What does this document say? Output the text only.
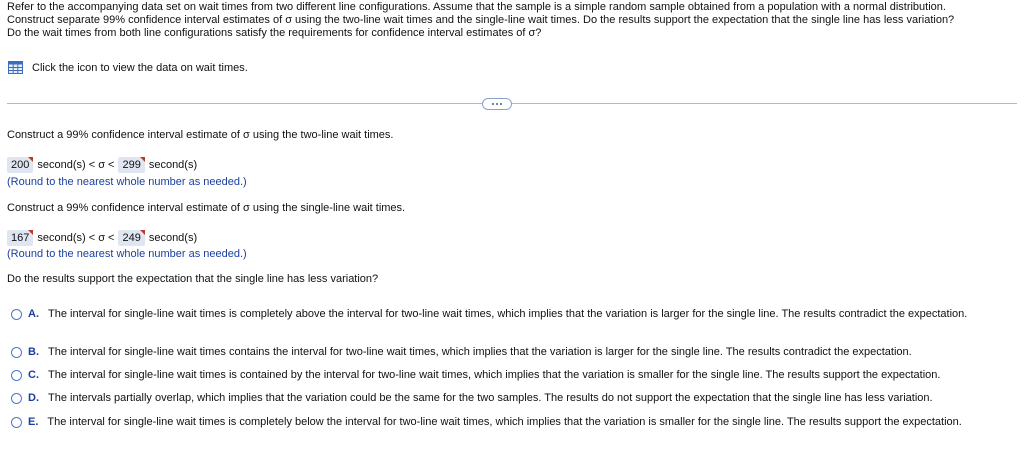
Refer to the accompanying data set on wait times from two different line configurations. Assume that the sample is a simple random sample obtained from a population with a normal distribution.
Construct separate 99% confidence interval estimates of σ using the two-line wait times and the single-line wait times. Do the results support the expectation that the single line has less variation?
Do the wait times from both line configurations satisfy the requirements for confidence interval estimates of σ?
Click the icon to view the data on wait times.
Construct a 99% confidence interval estimate of σ using the two-line wait times.
200 second(s) < σ < 299 second(s)
(Round to the nearest whole number as needed.)
Construct a 99% confidence interval estimate of σ using the single-line wait times.
167 second(s) < σ < 249 second(s)
(Round to the nearest whole number as needed.)
Do the results support the expectation that the single line has less variation?
A. The interval for single-line wait times is completely above the interval for two-line wait times, which implies that the variation is larger for the single line. The results contradict the expectation.
B. The interval for single-line wait times contains the interval for two-line wait times, which implies that the variation is larger for the single line. The results contradict the expectation.
C. The interval for single-line wait times is contained by the interval for two-line wait times, which implies that the variation is smaller for the single line. The results support the expectation.
D. The intervals partially overlap, which implies that the variation could be the same for the two samples. The results do not support the expectation that the single line has less variation.
E. The interval for single-line wait times is completely below the interval for two-line wait times, which implies that the variation is smaller for the single line. The results support the expectation.
